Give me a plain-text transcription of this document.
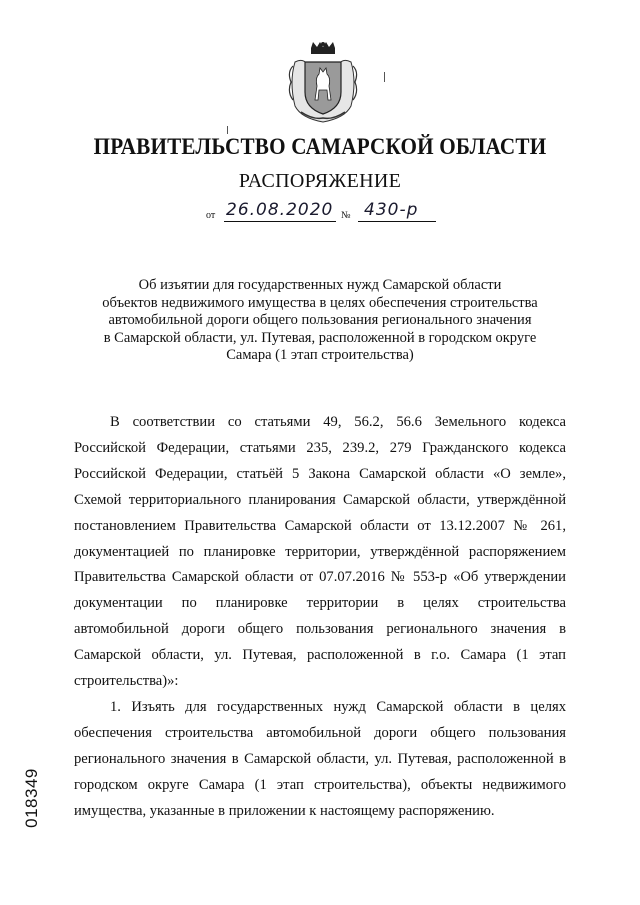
ПРАВИТЕЛЬСТВО САМАРСКОЙ ОБЛАСТИ
РАСПОРЯЖЕНИЕ
от 26.08.2020 № 430-р
Об изъятии для государственных нужд Самарской области
объектов недвижимого имущества в целях обеспечения строительства
автомобильной дороги общего пользования регионального значения
в Самарской области, ул. Путевая, расположенной в городском округе
Самара (1 этап строительства)

В соответствии со статьями 49, 56.2, 56.6 Земельного кодекса Российской Федерации, статьями 235, 239.2, 279 Гражданского кодекса Российской Федерации, статьёй 5 Закона Самарской области «О земле», Схемой территориального планирования Самарской области, утверждённой постановлением Правительства Самарской области от 13.12.2007 № 261, документацией по планировке территории, утверждённой распоряжением Правительства Самарской области от 07.07.2016 № 553-р «Об утверждении документации по планировке территории в целях строительства автомобильной дороги общего пользования регионального значения в Самарской области, ул. Путевая, расположенной в г.о. Самара (1 этап строительства)»:

1. Изъять для государственных нужд Самарской области в целях обеспечения строительства автомобильной дороги общего пользования регионального значения в Самарской области, ул. Путевая, расположенной в городском округе Самара (1 этап строительства), объекты недвижимого имущества, указанные в приложении к настоящему распоряжению.

018349
